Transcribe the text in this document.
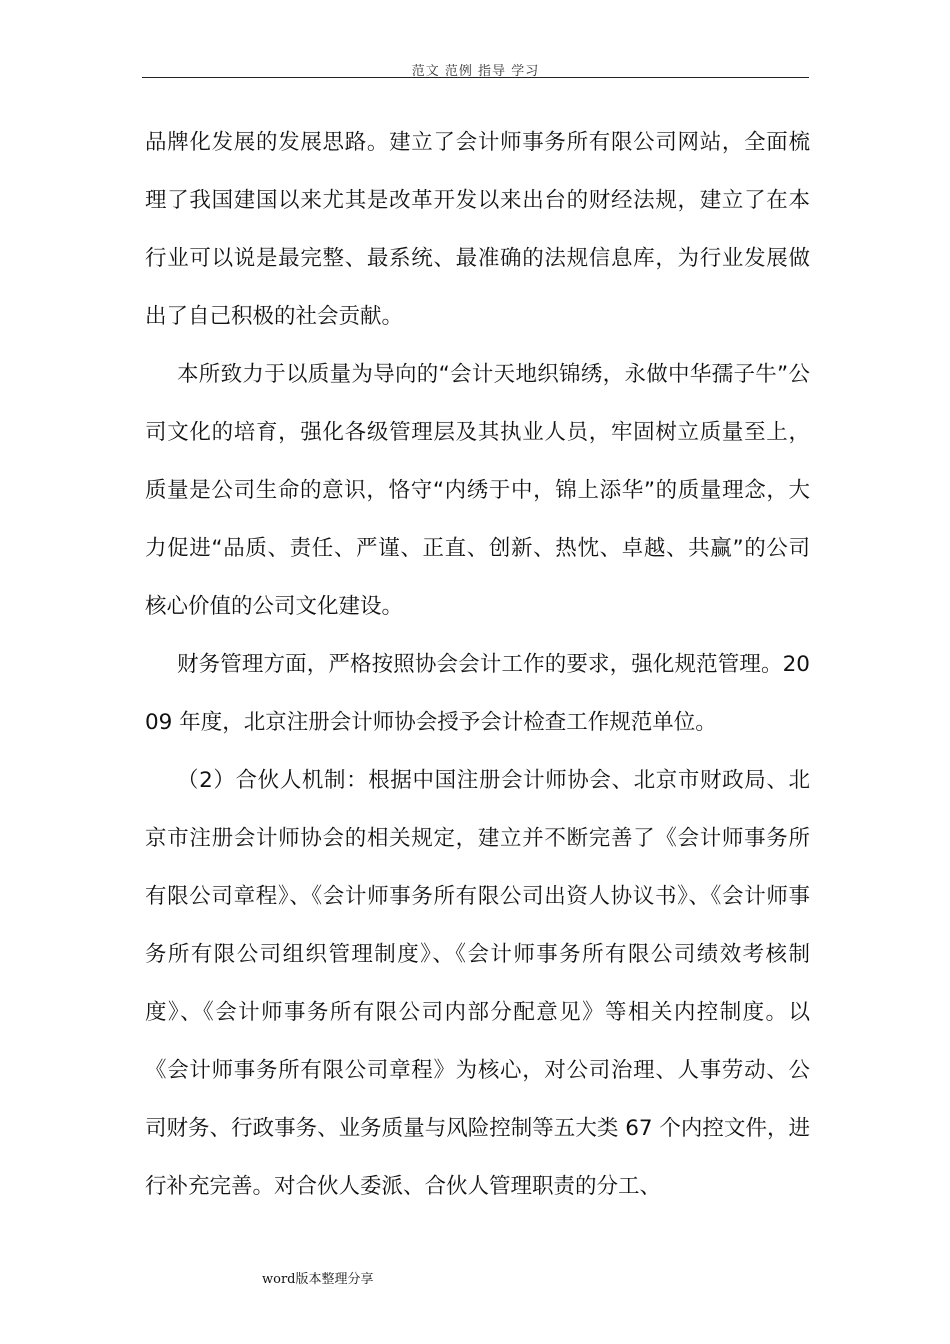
范文 范例 指导 学习

品牌化发展的发展思路。建立了会计师事务所有限公司网站，全面梳理了我国建国以来尤其是改革开发以来出台的财经法规，建立了在本行业可以说是最完整、最系统、最准确的法规信息库，为行业发展做出了自己积极的社会贡献。

本所致力于以质量为导向的“会计天地织锦绣，永做中华孺子牛”公司文化的培育，强化各级管理层及其执业人员，牢固树立质量至上，质量是公司生命的意识，恪守“内绣于中，锦上添华”的质量理念，大力促进“品质、责任、严谨、正直、创新、热忱、卓越、共赢”的公司核心价值的公司文化建设。

财务管理方面，严格按照协会会计工作的要求，强化规范管理。2009 年度，北京注册会计师协会授予会计检查工作规范单位。

（2）合伙人机制：根据中国注册会计师协会、北京市财政局、北京市注册会计师协会的相关规定，建立并不断完善了《会计师事务所有限公司章程》、《会计师事务所有限公司出资人协议书》、《会计师事务所有限公司组织管理制度》、《会计师事务所有限公司绩效考核制度》、《会计师事务所有限公司内部分配意见》等相关内控制度。以《会计师事务所有限公司章程》为核心，对公司治理、人事劳动、公司财务、行政事务、业务质量与风险控制等五大类 67 个内控文件，进行补充完善。对合伙人委派、合伙人管理职责的分工、

word版本整理分享
